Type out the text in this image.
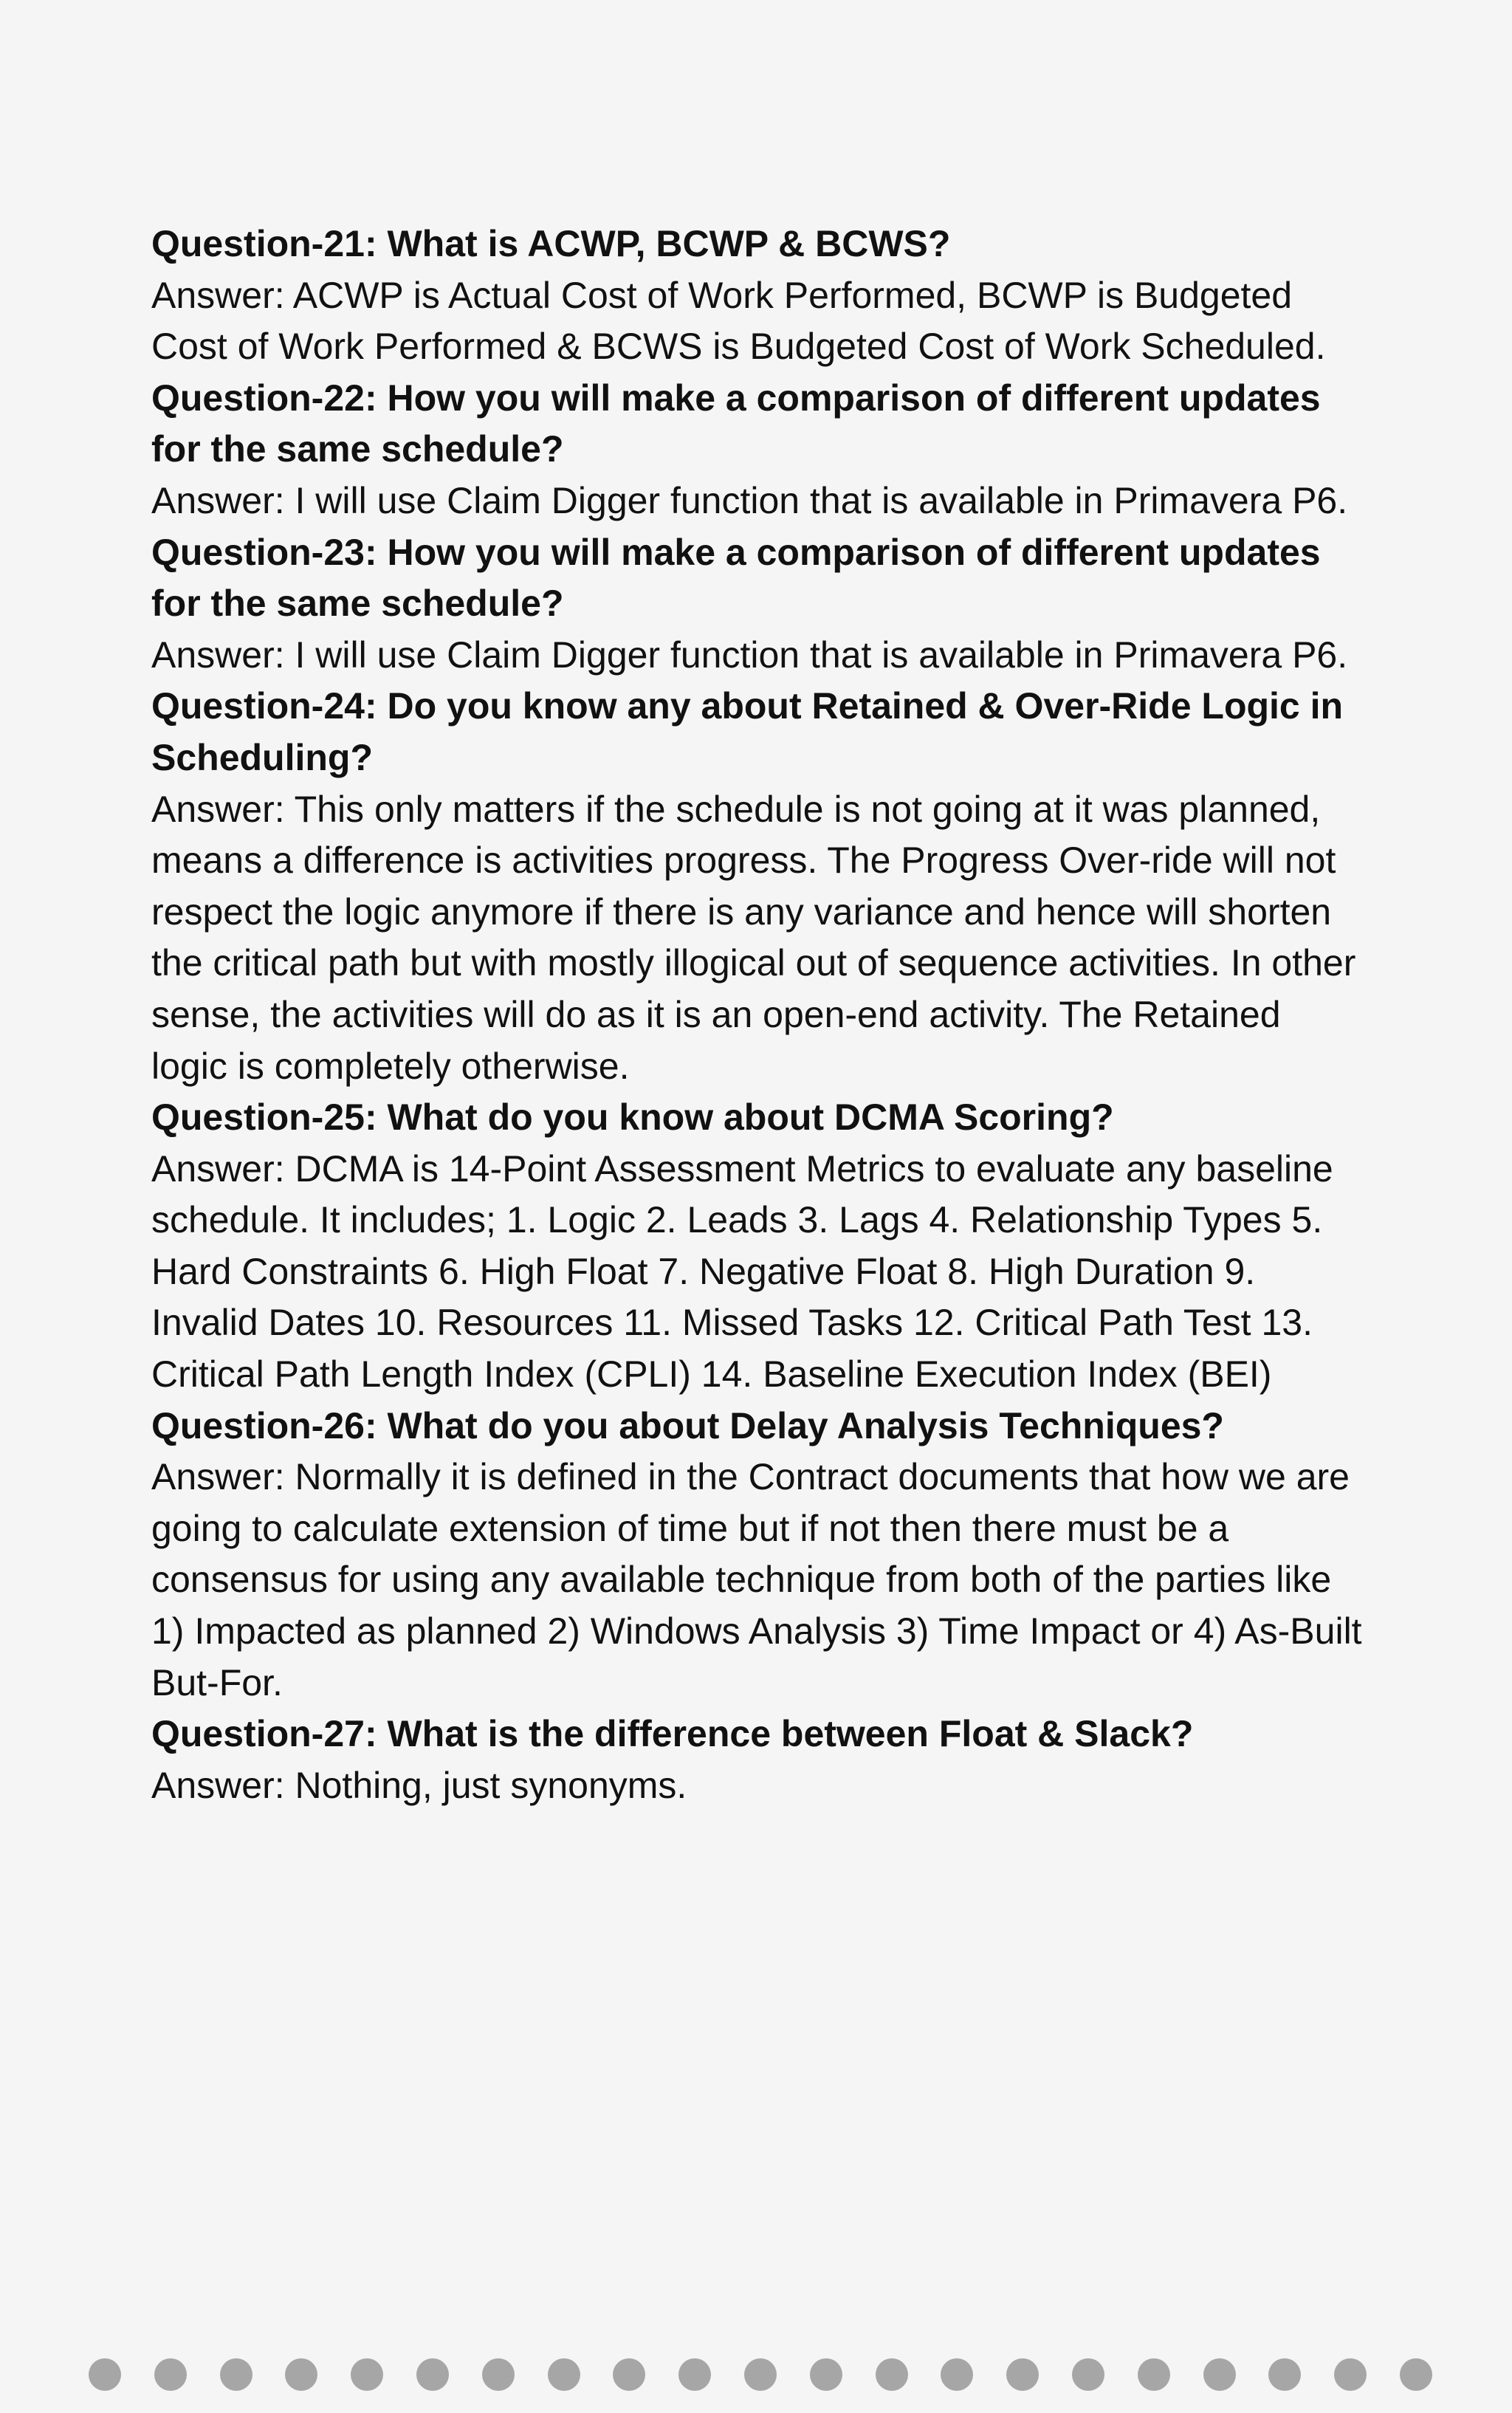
Question-21: What is ACWP, BCWP & BCWS?

Answer: ACWP is Actual Cost of Work Performed, BCWP is Budgeted Cost of Work Performed & BCWS is Budgeted Cost of Work Scheduled.

Question-22: How you will make a comparison of different updates for the same schedule?

Answer: I will use Claim Digger function that is available in Primavera P6.

Question-23: How you will make a comparison of different updates for the same schedule?

Answer: I will use Claim Digger function that is available in Primavera P6.

Question-24: Do you know any about Retained & Over-Ride Logic in Scheduling?

Answer: This only matters if the schedule is not going at it was planned, means a difference is activities progress. The Progress Over-ride will not respect the logic anymore if there is any variance and hence will shorten the critical path but with mostly illogical out of sequence activities. In other sense, the activities will do as it is an open-end activity. The Retained logic is completely otherwise.

Question-25: What do you know about DCMA Scoring?

Answer: DCMA is 14-Point Assessment Metrics to evaluate any baseline schedule. It includes; 1. Logic 2. Leads 3. Lags 4. Relationship Types 5. Hard Constraints 6. High Float 7. Negative Float 8. High Duration 9. Invalid Dates 10. Resources 11. Missed Tasks 12. Critical Path Test 13. Critical Path Length Index (CPLI) 14. Baseline Execution Index (BEI)

Question-26: What do you about Delay Analysis Techniques?

Answer: Normally it is defined in the Contract documents that how we are going to calculate extension of time but if not then there must be a consensus for using any available technique from both of the parties like 1) Impacted as planned 2) Windows Analysis 3) Time Impact or 4) As-Built But-For.

Question-27: What is the difference between Float & Slack?

Answer: Nothing, just synonyms.
